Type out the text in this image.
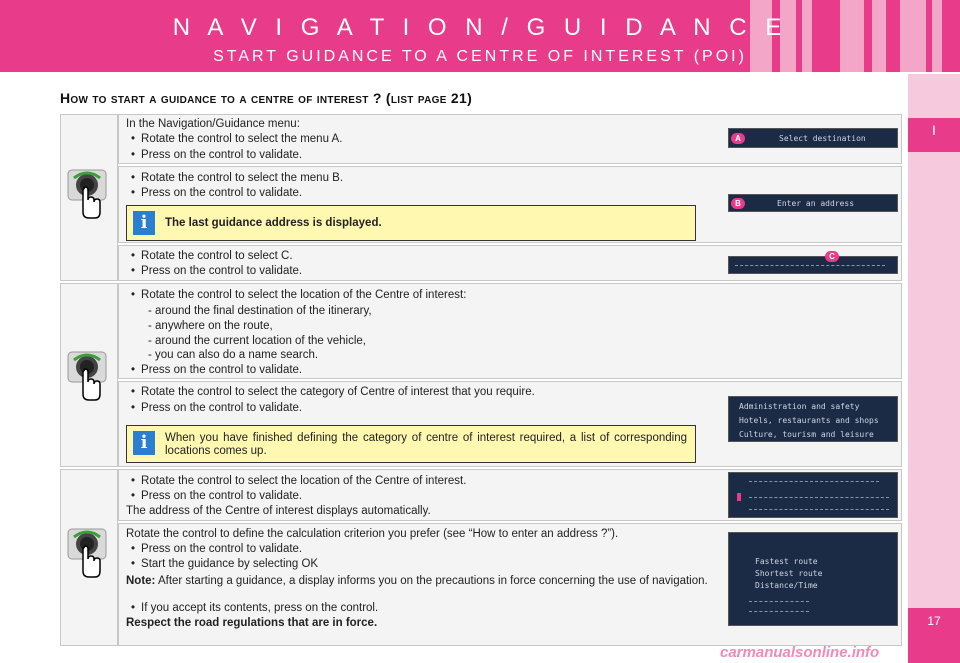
N A V I G A T I O N / G U I D A N C E
START GUIDANCE TO A CENTRE OF INTEREST (POI)
I
17
How to start a guidance to a centre of interest ? (list page 21)
In the Navigation/Guidance menu:
• Rotate the control to select the menu A.
• Press on the control to validate.
• Rotate the control to select the menu B.
• Press on the control to validate.
i	The last guidance address is displayed.
• Rotate the control to select C.
• Press on the control to validate.
• Rotate the control to select the location of the Centre of interest:
- around the final destination of the itinerary,
- anywhere on the route,
- around the current location of the vehicle,
- you can also do a name search.
• Press on the control to validate.
• Rotate the control to select the category of Centre of interest that you require.
• Press on the control to validate.
i	When you have finished defining the category of centre of interest required, a list of corresponding locations comes up.
• Rotate the control to select the location of the Centre of interest.
• Press on the control to validate.
The address of the Centre of interest displays automatically.
Rotate the control to define the calculation criterion you prefer (see “How to enter an address ?”).
• Press on the control to validate.
• Start the guidance by selecting OK
Note: After starting a guidance, a display informs you on the precautions in force concerning the use of navigation.
• If you accept its contents, press on the control.
Respect the road regulations that are in force.
A	Select destination
B	Enter an address
C
Administration and safety
Hotels, restaurants and shops
Culture, tourism and leisure
Fastest route
Shortest route
Distance/Time
carmanualsonline.info
